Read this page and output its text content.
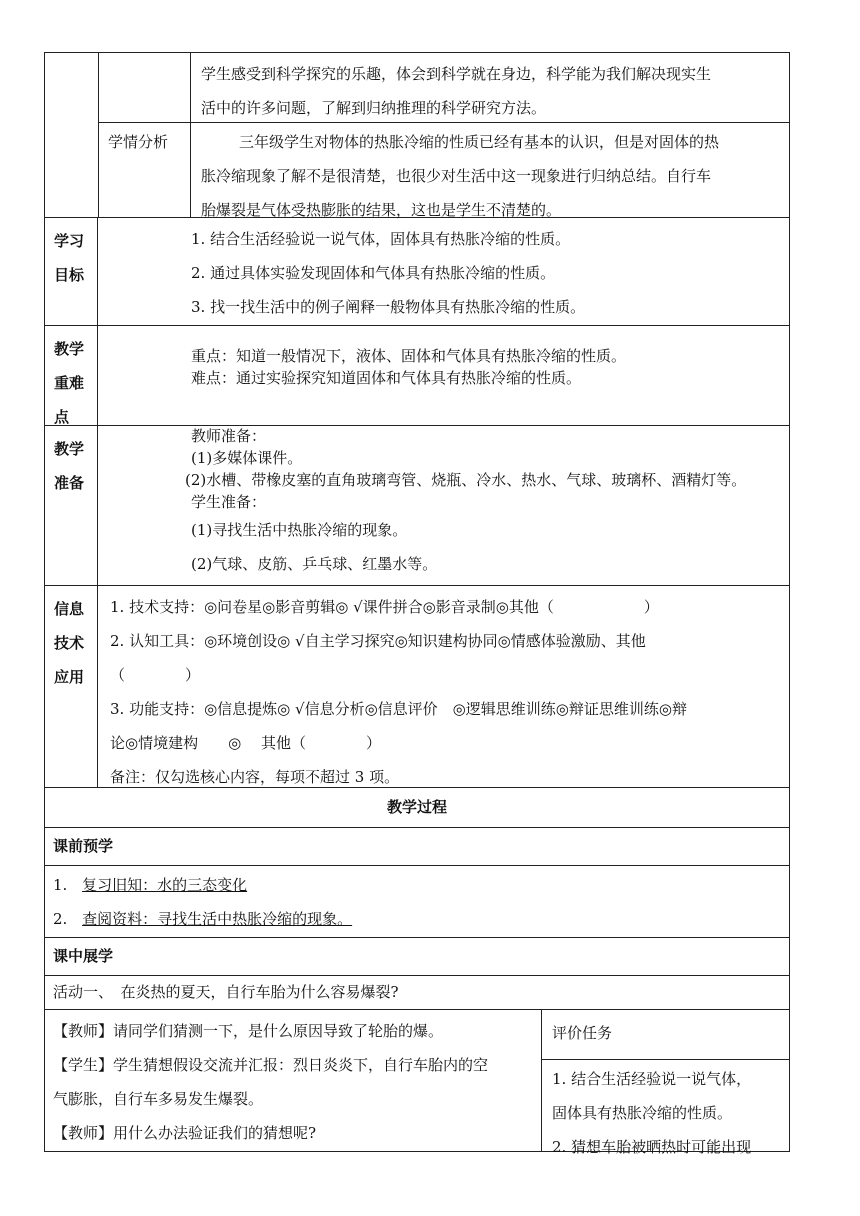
学生感受到科学探究的乐趣，体会到科学就在身边，科学能为我们解决现实生
活中的许多问题，了解到归纳推理的科学研究方法。
学情分析	三年级学生对物体的热胀冷缩的性质已经有基本的认识，但是对固体的热
胀冷缩现象了解不是很清楚，也很少对生活中这一现象进行归纳总结。自行车
胎爆裂是气体受热膨胀的结果，这也是学生不清楚的。
学习
目标
1. 结合生活经验说一说气体，固体具有热胀冷缩的性质。
2. 通过具体实验发现固体和气体具有热胀冷缩的性质。
3. 找一找生活中的例子阐释一般物体具有热胀冷缩的性质。
教学
重难
点
重点：知道一般情况下，液体、固体和气体具有热胀冷缩的性质。
难点：通过实验探究知道固体和气体具有热胀冷缩的性质。
教学
准备
教师准备：
(1)多媒体课件。
(2)水槽、带橡皮塞的直角玻璃弯管、烧瓶、冷水、热水、气球、玻璃杯、酒精灯等。
学生准备：
(1)寻找生活中热胀冷缩的现象。
(2)气球、皮筋、乒乓球、红墨水等。
信息
技术
应用
1. 技术支持：◎问卷星◎影音剪辑◎ √课件拼合◎影音录制◎其他（　　　　　　）
2. 认知工具：◎环境创设◎ √自主学习探究◎知识建构协同◎情感体验激励、其他
（　　　　）
3. 功能支持：◎信息提炼◎ √信息分析◎信息评价　◎逻辑思维训练◎辩证思维训练◎辩
论◎情境建构　　◎　 其他（　　　　）
备注：仅勾选核心内容，每项不超过 3 项。
教学过程
课前预学
1. 复习旧知：水的三态变化
2. 查阅资料：寻找生活中热胀冷缩的现象。
课中展学
活动一、　在炎热的夏天，自行车胎为什么容易爆裂?
【教师】请同学们猜测一下，是什么原因导致了轮胎的爆。
【学生】学生猜想假设交流并汇报：烈日炎炎下，自行车胎内的空
气膨胀，自行车多易发生爆裂。
【教师】用什么办法验证我们的猜想呢?
评价任务
1. 结合生活经验说一说气体，
固体具有热胀冷缩的性质。
2. 猜想车胎被晒热时可能出现
